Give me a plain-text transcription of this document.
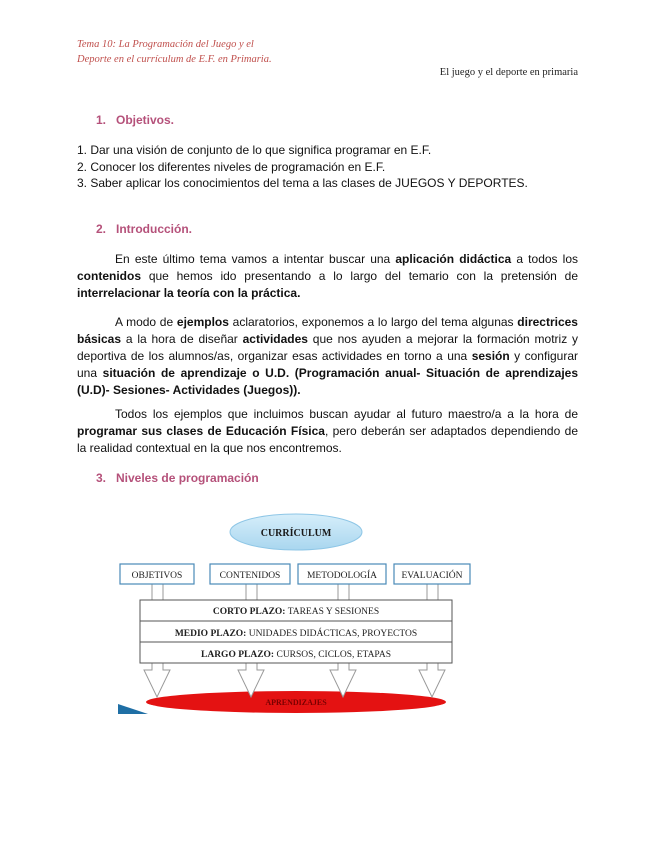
Tema 10: La Programación del Juego y el
Deporte en el currículum de E.F. en Primaria.
El juego y el deporte en primaria
1. Objetivos.
1. Dar una visión de conjunto de lo que significa programar en E.F.
2. Conocer los diferentes niveles de programación en E.F.
3. Saber aplicar los conocimientos del tema a las clases de JUEGOS Y DEPORTES.
2. Introducción.
En este último tema vamos a intentar buscar una aplicación didáctica a todos los contenidos que hemos ido presentando a lo largo del temario con la pretensión de interrelacionar la teoría con la práctica.
A modo de ejemplos aclaratorios, exponemos a lo largo del tema algunas directrices básicas a la hora de diseñar actividades que nos ayuden a mejorar la formación motriz y deportiva de los alumnos/as, organizar esas actividades en torno a una sesión y configurar una situación de aprendizaje o U.D. (Programación anual- Situación de aprendizajes (U.D)- Sesiones- Actividades (Juegos)).
Todos los ejemplos que incluimos buscan ayudar al futuro maestro/a a la hora de programar sus clases de Educación Física, pero deberán ser adaptados dependiendo de la realidad contextual en la que nos encontremos.
3. Niveles de programación
CURRÍCULUM
APRENDIZAJES
CORTO PLAZO: TAREAS Y SESIONES
MEDIO PLAZO: UNIDADES DIDÁCTICAS, PROYECTOS
LARGO PLAZO: CURSOS, CICLOS, ETAPAS
OBJETIVOS	CONTENIDOS	METODOLOGÍA	EVALUACIÓN
